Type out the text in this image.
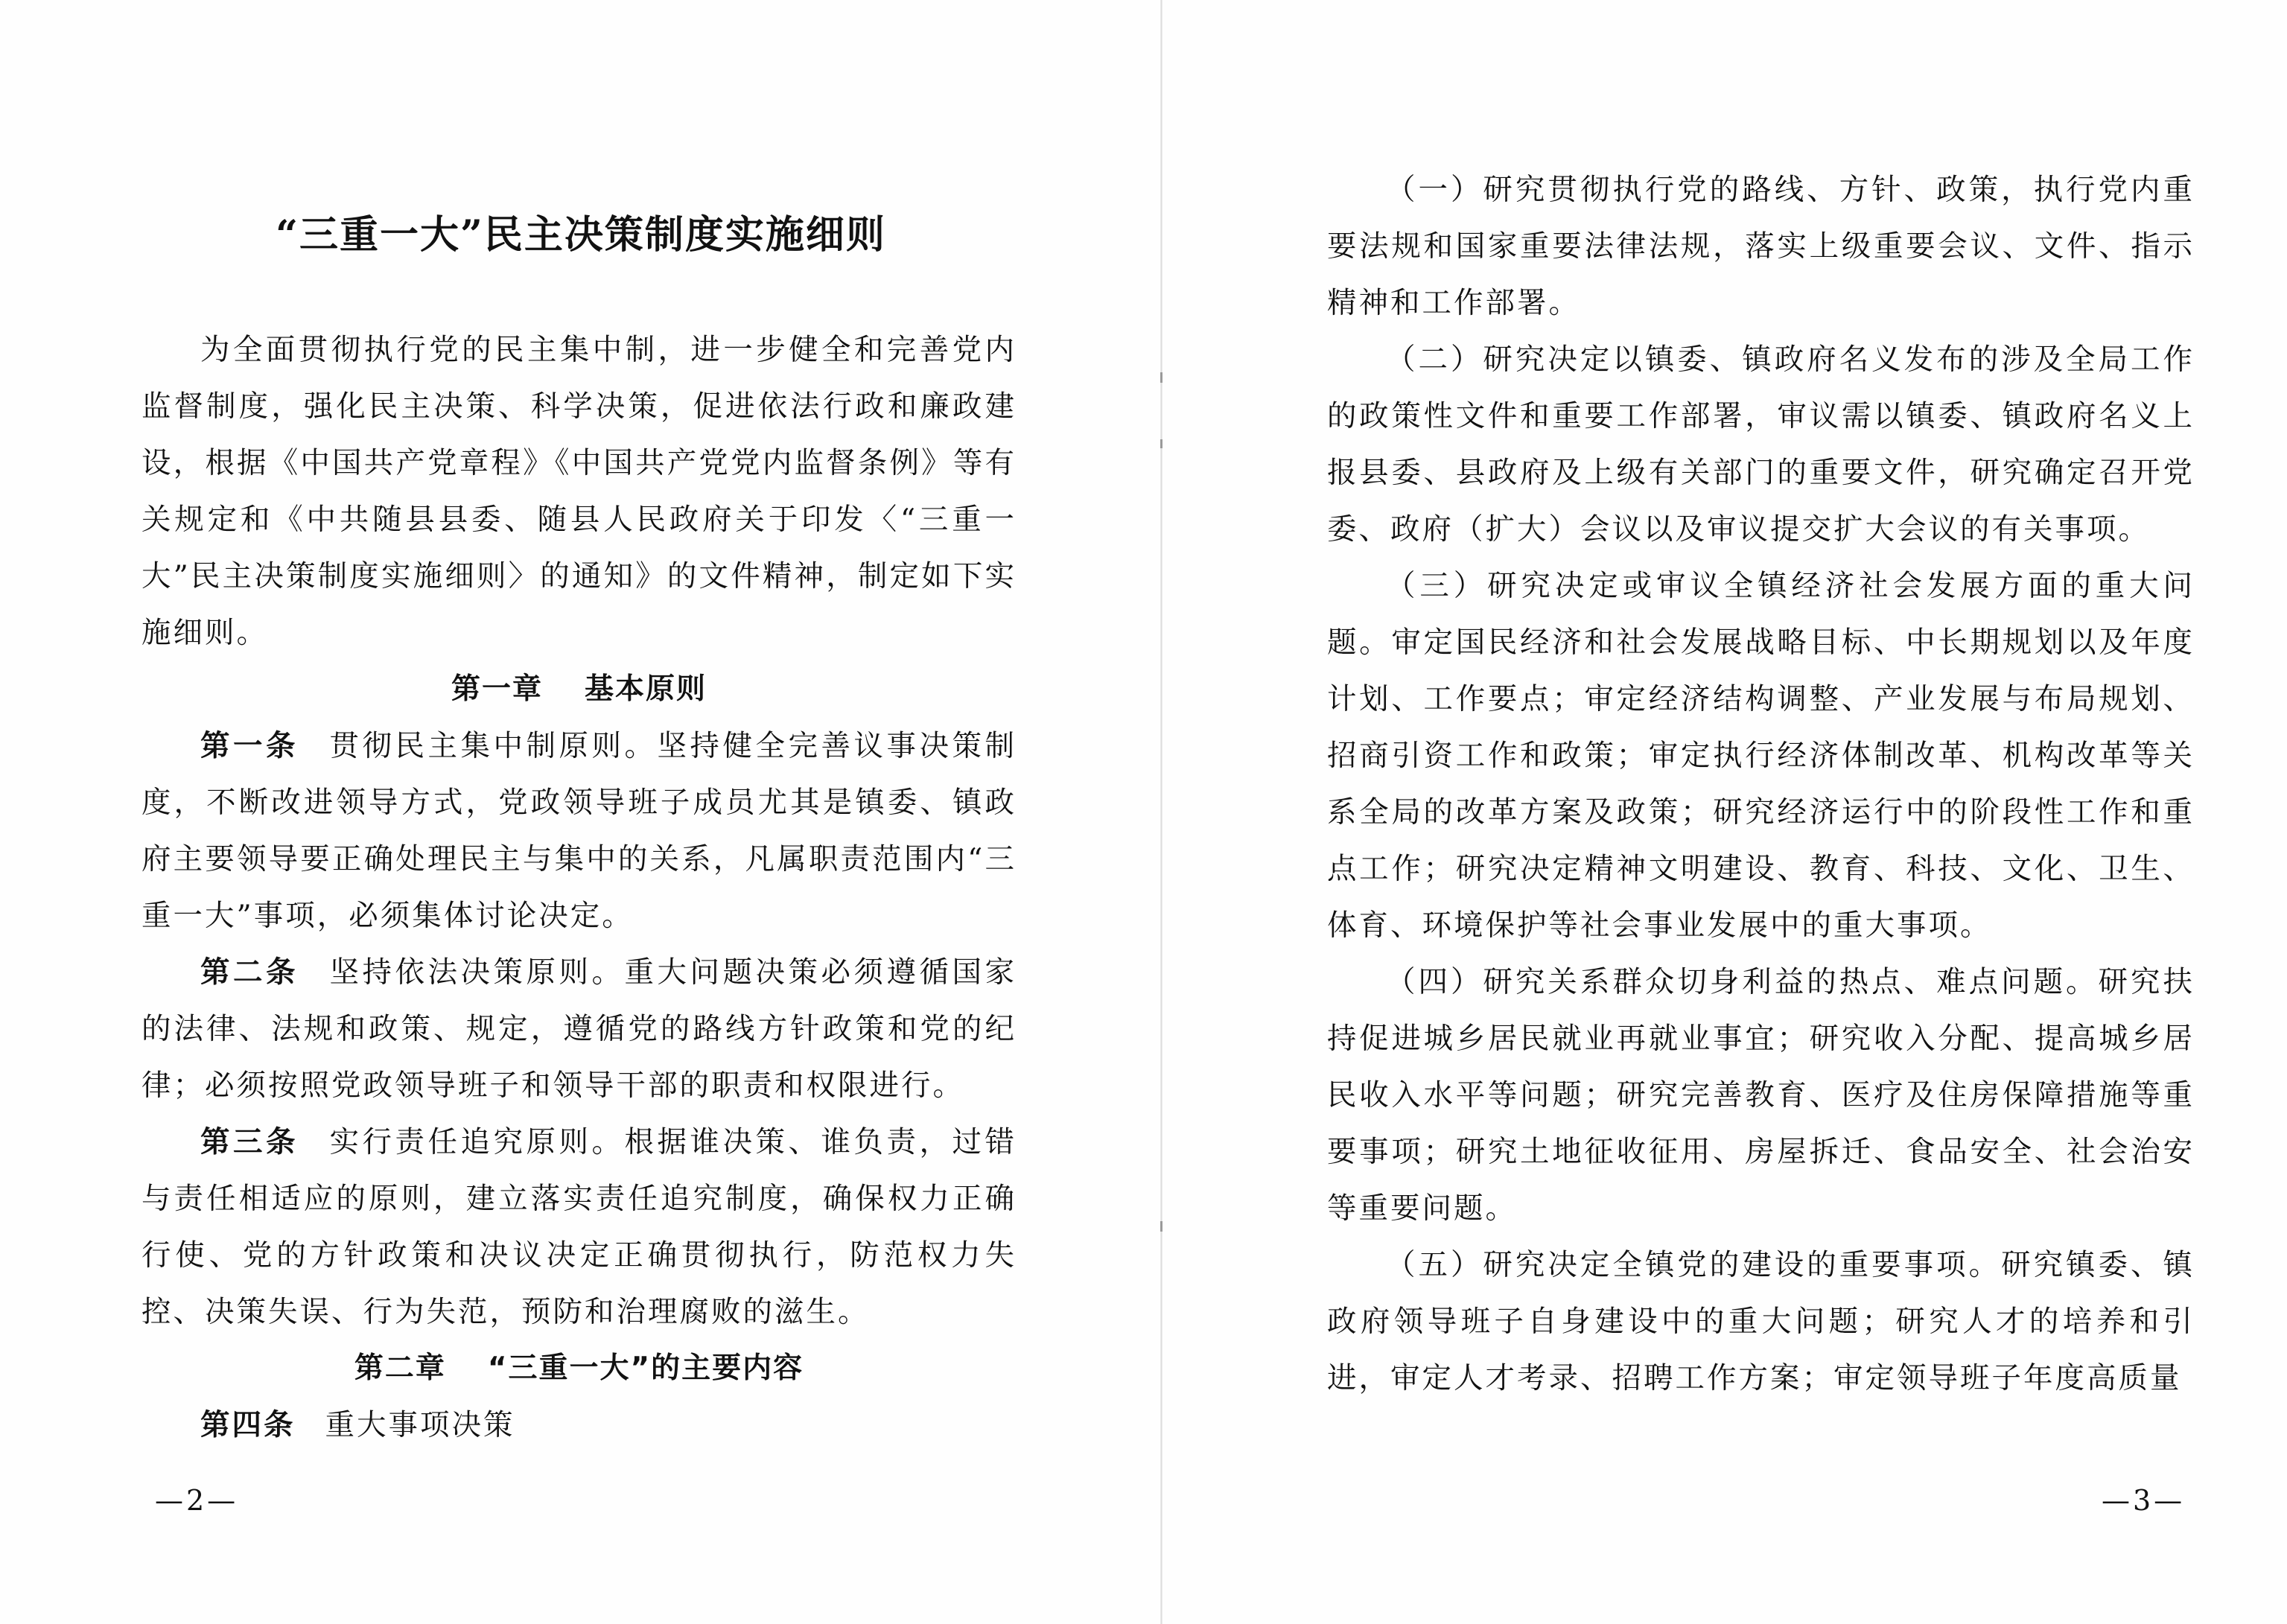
“三重一大”民主决策制度实施细则

为全面贯彻执行党的民主集中制，进一步健全和完善党内监督制度，强化民主决策、科学决策，促进依法行政和廉政建设，根据《中国共产党章程》《中国共产党党内监督条例》等有关规定和《中共随县县委、随县人民政府关于印发〈“三重一大”民主决策制度实施细则〉的通知》的文件精神，制定如下实施细则。

第一章 基本原则

第一条 贯彻民主集中制原则。坚持健全完善议事决策制度，不断改进领导方式，党政领导班子成员尤其是镇委、镇政府主要领导要正确处理民主与集中的关系，凡属职责范围内“三重一大”事项，必须集体讨论决定。

第二条 坚持依法决策原则。重大问题决策必须遵循国家的法律、法规和政策、规定，遵循党的路线方针政策和党的纪律；必须按照党政领导班子和领导干部的职责和权限进行。

第三条 实行责任追究原则。根据谁决策、谁负责，过错与责任相适应的原则，建立落实责任追究制度，确保权力正确行使、党的方针政策和决议决定正确贯彻执行，防范权力失控、决策失误、行为失范，预防和治理腐败的滋生。

第二章 “三重一大”的主要内容

第四条 重大事项决策

—2—

（一）研究贯彻执行党的路线、方针、政策，执行党内重要法规和国家重要法律法规，落实上级重要会议、文件、指示精神和工作部署。

（二）研究决定以镇委、镇政府名义发布的涉及全局工作的政策性文件和重要工作部署，审议需以镇委、镇政府名义上报县委、县政府及上级有关部门的重要文件，研究确定召开党委、政府（扩大）会议以及审议提交扩大会议的有关事项。

（三）研究决定或审议全镇经济社会发展方面的重大问题。审定国民经济和社会发展战略目标、中长期规划以及年度计划、工作要点；审定经济结构调整、产业发展与布局规划、招商引资工作和政策；审定执行经济体制改革、机构改革等关系全局的改革方案及政策；研究经济运行中的阶段性工作和重点工作；研究决定精神文明建设、教育、科技、文化、卫生、体育、环境保护等社会事业发展中的重大事项。

（四）研究关系群众切身利益的热点、难点问题。研究扶持促进城乡居民就业再就业事宜；研究收入分配、提高城乡居民收入水平等问题；研究完善教育、医疗及住房保障措施等重要事项；研究土地征收征用、房屋拆迁、食品安全、社会治安等重要问题。

（五）研究决定全镇党的建设的重要事项。研究镇委、镇政府领导班子自身建设中的重大问题；研究人才的培养和引进，审定人才考录、招聘工作方案；审定领导班子年度高质量

—3—
